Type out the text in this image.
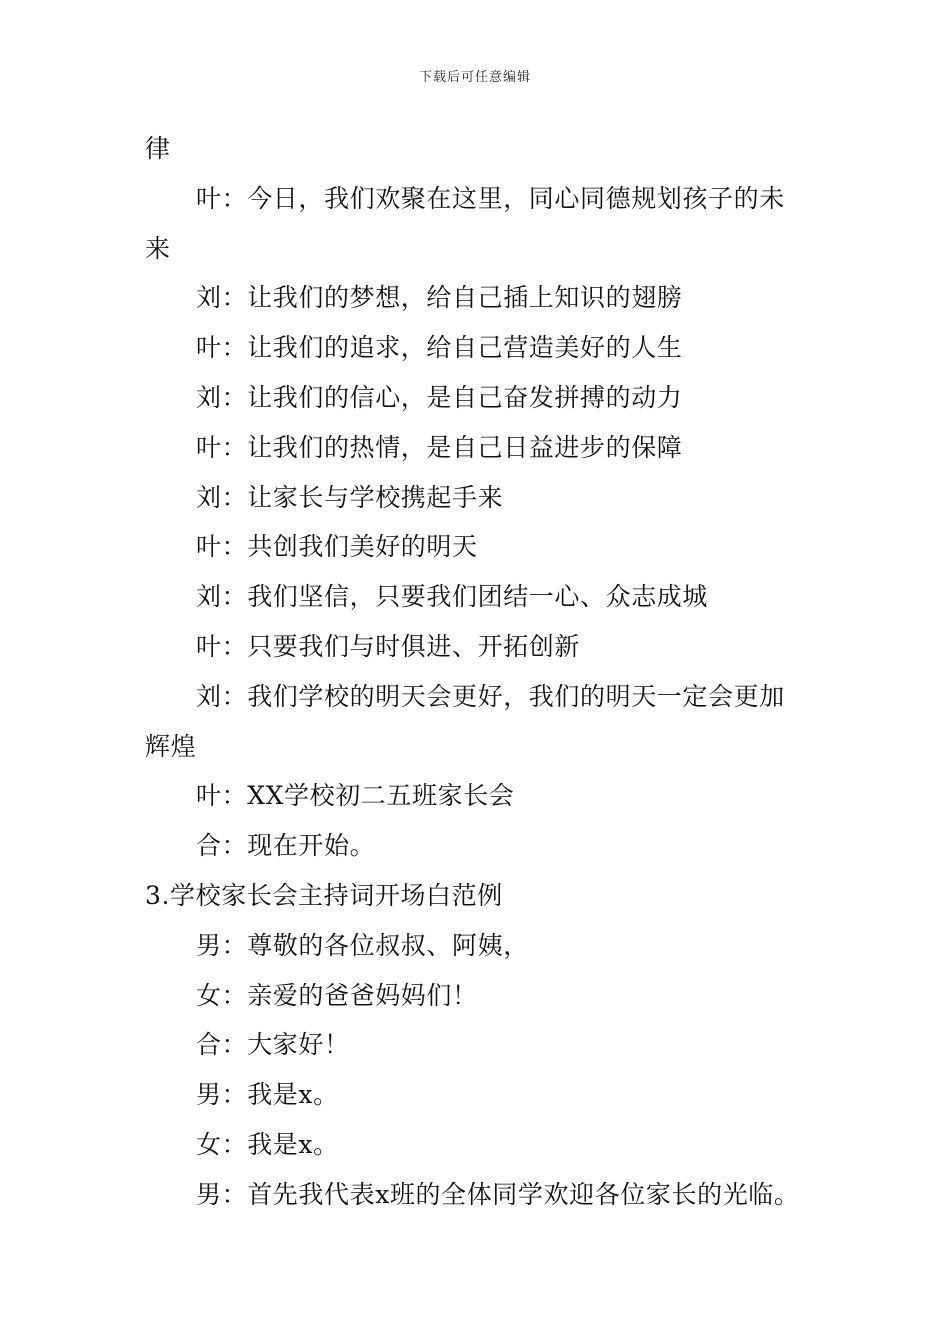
下载后可任意编辑
律
叶：今日，我们欢聚在这里，同心同德规划孩子的未
来
刘：让我们的梦想，给自己插上知识的翅膀
叶：让我们的追求，给自己营造美好的人生
刘：让我们的信心，是自己奋发拼搏的动力
叶：让我们的热情，是自己日益进步的保障
刘：让家长与学校携起手来
叶：共创我们美好的明天
刘：我们坚信，只要我们团结一心、众志成城
叶：只要我们与时俱进、开拓创新
刘：我们学校的明天会更好，我们的明天一定会更加
辉煌
叶：XX学校初二五班家长会
合：现在开始。
3.学校家长会主持词开场白范例
男：尊敬的各位叔叔、阿姨，
女：亲爱的爸爸妈妈们！
合：大家好！
男：我是x。
女：我是x。
男：首先我代表x班的全体同学欢迎各位家长的光临。
